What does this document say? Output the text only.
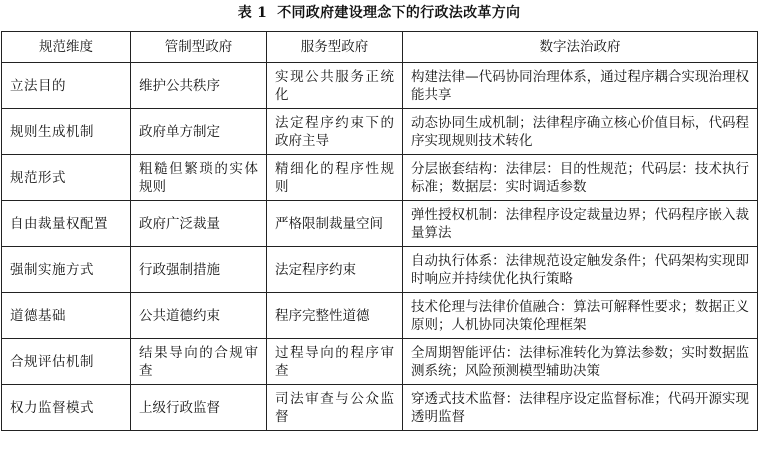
表 1 不同政府建设理念下的行政法改革方向
规范维度	管制型政府	服务型政府	数字法治政府
立法目的	维护公共秩序	实现公共服务正统化	构建法律—代码协同治理体系，通过程序耦合实现治理权能共享
规则生成机制	政府单方制定	法定程序约束下的政府主导	动态协同生成机制；法律程序确立核心价值目标，代码程序实现规则技术转化
规范形式	粗糙但繁琐的实体规则	精细化的程序性规则	分层嵌套结构：法律层：目的性规范；代码层：技术执行标准；数据层：实时调适参数
自由裁量权配置	政府广泛裁量	严格限制裁量空间	弹性授权机制：法律程序设定裁量边界；代码程序嵌入裁量算法
强制实施方式	行政强制措施	法定程序约束	自动执行体系：法律规范设定触发条件；代码架构实现即时响应并持续优化执行策略
道德基础	公共道德约束	程序完整性道德	技术伦理与法律价值融合：算法可解释性要求；数据正义原则；人机协同决策伦理框架
合规评估机制	结果导向的合规审查	过程导向的程序审查	全周期智能评估：法律标准转化为算法参数；实时数据监测系统；风险预测模型辅助决策
权力监督模式	上级行政监督	司法审查与公众监督	穿透式技术监督：法律程序设定监督标准；代码开源实现透明监督
